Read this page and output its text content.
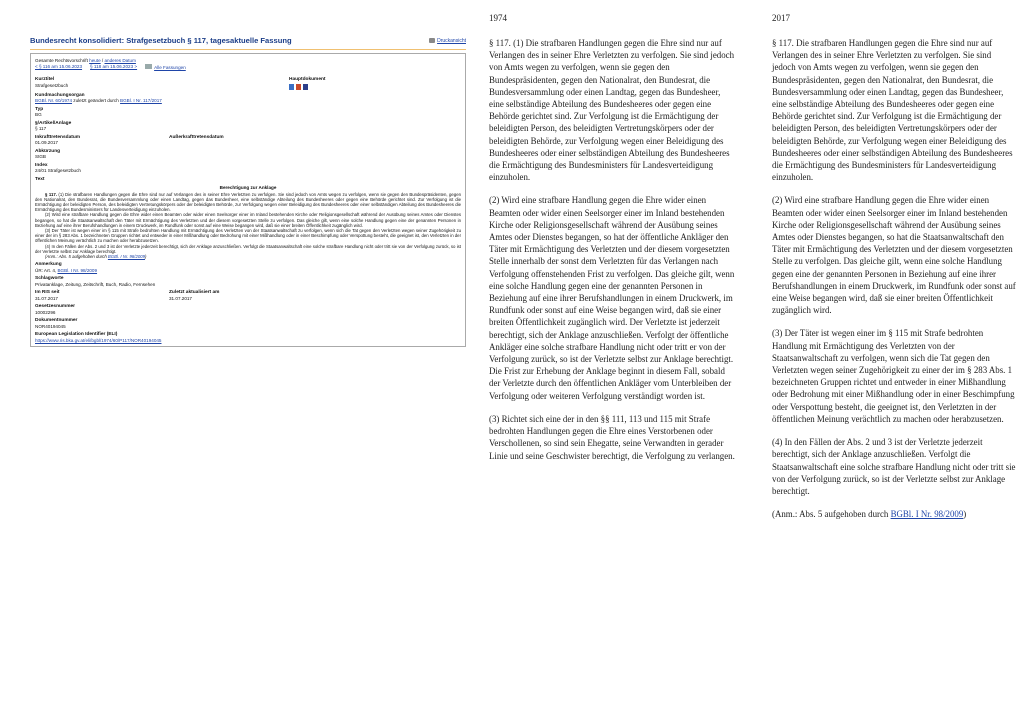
Bundesrecht konsolidiert: Strafgesetzbuch § 117, tagesaktuelle Fassung	Druckansicht
Gesamte Rechtsvorschrift heute / anderes Datum
< § 116 am 15.06.2023 § 118 am 15.06.2023 >	Alle Fassungen
Kurztitel
Strafgesetzbuch
Hauptdokument
Kundmachungsorgan
BGBl. Nr. 60/1974 zuletzt geändert durch BGBl. I Nr. 117/2017
Typ
BG
§/Artikel/Anlage
§ 117
Inkrafttretensdatum
01.09.2017
Außerkrafttretensdatum
Abkürzung
StGB
Index
24/01 Strafgesetzbuch
Text
Berechtigung zur Anklage

§ 117. (1) Die strafbaren Handlungen gegen die Ehre sind nur auf Verlangen des in seiner Ehre Verletzten zu verfolgen. Sie sind jedoch von Amts wegen zu verfolgen, wenn sie gegen den Bundespräsidenten, gegen den Nationalrat, den Bundesrat, die Bundesversammlung oder einen Landtag, gegen das Bundesheer, eine selbständige Abteilung des Bundesheeres oder gegen eine Behörde gerichtet sind. Zur Verfolgung ist die Ermächtigung der beleidigten Person, des beleidigten Vertretungskörpers oder der beleidigten Behörde, zur Verfolgung wegen einer Beleidigung des Bundesheeres oder einer selbständigen Abteilung des Bundesheeres die Ermächtigung des Bundesministers für Landesverteidigung einzuholen.

(2) Wird eine strafbare Handlung gegen die Ehre wider einen Beamten oder wider einen Seelsorger einer im Inland bestehenden Kirche oder Religionsgesellschaft während der Ausübung seines Amtes oder Dienstes begangen, so hat die Staatsanwaltschaft den Täter mit Ermächtigung des Verletzten und der diesem vorgesetzten Stelle zu verfolgen. Das gleiche gilt, wenn eine solche Handlung gegen eine der genannten Personen in Beziehung auf eine ihrer Berufshandlungen in einem Druckwerk, im Rundfunk oder sonst auf eine Weise begangen wird, daß sie einer breiten Öffentlichkeit zugänglich wird.

(3) Der Täter ist wegen einer im § 115 mit Strafe bedrohten Handlung mit Ermächtigung des Verletzten von der Staatsanwaltschaft zu verfolgen, wenn sich die Tat gegen den Verletzten wegen seiner Zugehörigkeit zu einer der im § 283 Abs. 1 bezeichneten Gruppen richtet und entweder in einer Mißhandlung oder Bedrohung mit einer Mißhandlung oder in einer Beschimpfung oder Verspottung besteht, die geeignet ist, den Verletzten in der öffentlichen Meinung verächtlich zu machen oder herabzusetzen.

(4) In den Fällen der Abs. 2 und 3 ist der Verletzte jederzeit berechtigt, sich der Anklage anzuschließen. Verfolgt die Staatsanwaltschaft eine solche strafbare Handlung nicht oder tritt sie von der Verfolgung zurück, so ist der Verletzte selbst zur Anklage berechtigt.

(Anm.: Abs. 5 aufgehoben durch BGBl. I Nr. 98/2009)
Anmerkung
ÜR: Art. 4, BGBl. I Nr. 98/2009
Schlagworte
Privatanklage, Zeitung, Zeitschrift, Buch, Radio, Fernsehen
Im RIS seit
31.07.2017
Zuletzt aktualisiert am
31.07.2017
Gesetzesnummer
10002296
Dokumentnummer
NOR40194045
European Legislation Identifier (ELI)
https://www.ris.bka.gv.at/eli/bgbl/1974/60/P117/NOR40194045
1974

§ 117. (1) Die strafbaren Handlungen gegen die Ehre sind nur auf Verlangen des in seiner Ehre Verletzten zu verfolgen. Sie sind jedoch von Amts wegen zu verfolgen, wenn sie gegen den Bundespräsidenten, gegen den Nationalrat, den Bundesrat, die Bundesversammlung oder einen Landtag, gegen das Bundesheer, eine selbständige Abteilung des Bundesheeres oder gegen eine Behörde gerichtet sind. Zur Verfolgung ist die Ermächtigung der beleidigten Person, des beleidigten Vertretungskörpers oder der beleidigten Behörde, zur Verfolgung wegen einer Beleidigung des Bundesheeres oder einer selbständigen Abteilung des Bundesheeres die Ermächtigung des Bundesministers für Landesverteidigung einzuholen.

(2) Wird eine strafbare Handlung gegen die Ehre wider einen Beamten oder wider einen Seelsorger einer im Inland bestehenden Kirche oder Religionsgesellschaft während der Ausübung seines Amtes oder Dienstes begangen, so hat der öffentliche Ankläger den Täter mit Ermächtigung des Verletzten und der diesem vorgesetzten Stelle innerhalb der sonst dem Verletzten für das Verlangen nach Verfolgung offenstehenden Frist zu verfolgen. Das gleiche gilt, wenn eine solche Handlung gegen eine der genannten Personen in Beziehung auf eine ihrer Berufshandlungen in einem Druckwerk, im Rundfunk oder sonst auf eine Weise begangen wird, daß sie einer breiten Öffentlichkeit zugänglich wird. Der Verletzte ist jederzeit berechtigt, sich der Anklage anzuschließen. Verfolgt der öffentliche Ankläger eine solche strafbare Handlung nicht oder tritt er von der Verfolgung zurück, so ist der Verletzte selbst zur Anklage berechtigt. Die Frist zur Erhebung der Anklage beginnt in diesem Fall, sobald der Verletzte durch den öffentlichen Ankläger vom Unterbleiben der Verfolgung oder weiteren Verfolgung verständigt worden ist.

(3) Richtet sich eine der in den §§ 111, 113 und 115 mit Strafe bedrohten Handlungen gegen die Ehre eines Verstorbenen oder Verschollenen, so sind sein Ehegatte, seine Verwandten in gerader Linie und seine Geschwister berechtigt, die Verfolgung zu verlangen.

2017

§ 117. Die strafbaren Handlungen gegen die Ehre sind nur auf Verlangen des in seiner Ehre Verletzten zu verfolgen. Sie sind jedoch von Amts wegen zu verfolgen, wenn sie gegen den Bundespräsidenten, gegen den Nationalrat, den Bundesrat, die Bundesversammlung oder einen Landtag, gegen das Bundesheer, eine selbständige Abteilung des Bundesheeres oder gegen eine Behörde gerichtet sind. Zur Verfolgung ist die Ermächtigung der beleidigten Person, des beleidigten Vertretungskörpers oder der beleidigten Behörde, zur Verfolgung wegen einer Beleidigung des Bundesheeres oder einer selbständigen Abteilung des Bundesheeres die Ermächtigung des Bundesministers für Landesverteidigung einzuholen.

(2) Wird eine strafbare Handlung gegen die Ehre wider einen Beamten oder wider einen Seelsorger einer im Inland bestehenden Kirche oder Religionsgesellschaft während der Ausübung seines Amtes oder Dienstes begangen, so hat die Staatsanwaltschaft den Täter mit Ermächtigung des Verletzten und der diesem vorgesetzten Stelle zu verfolgen. Das gleiche gilt, wenn eine solche Handlung gegen eine der genannten Personen in Beziehung auf eine ihrer Berufshandlungen in einem Druckwerk, im Rundfunk oder sonst auf eine Weise begangen wird, daß sie einer breiten Öffentlichkeit zugänglich wird.

(3) Der Täter ist wegen einer im § 115 mit Strafe bedrohten Handlung mit Ermächtigung des Verletzten von der Staatsanwaltschaft zu verfolgen, wenn sich die Tat gegen den Verletzten wegen seiner Zugehörigkeit zu einer der im § 283 Abs. 1 bezeichneten Gruppen richtet und entweder in einer Mißhandlung oder Bedrohung mit einer Mißhandlung oder in einer Beschimpfung oder Verspottung besteht, die geeignet ist, den Verletzten in der öffentlichen Meinung verächtlich zu machen oder herabzusetzen.

(4) In den Fällen der Abs. 2 und 3 ist der Verletzte jederzeit berechtigt, sich der Anklage anzuschließen. Verfolgt die Staatsanwaltschaft eine solche strafbare Handlung nicht oder tritt sie von der Verfolgung zurück, so ist der Verletzte selbst zur Anklage berechtigt.

(Anm.: Abs. 5 aufgehoben durch BGBl. I Nr. 98/2009)
